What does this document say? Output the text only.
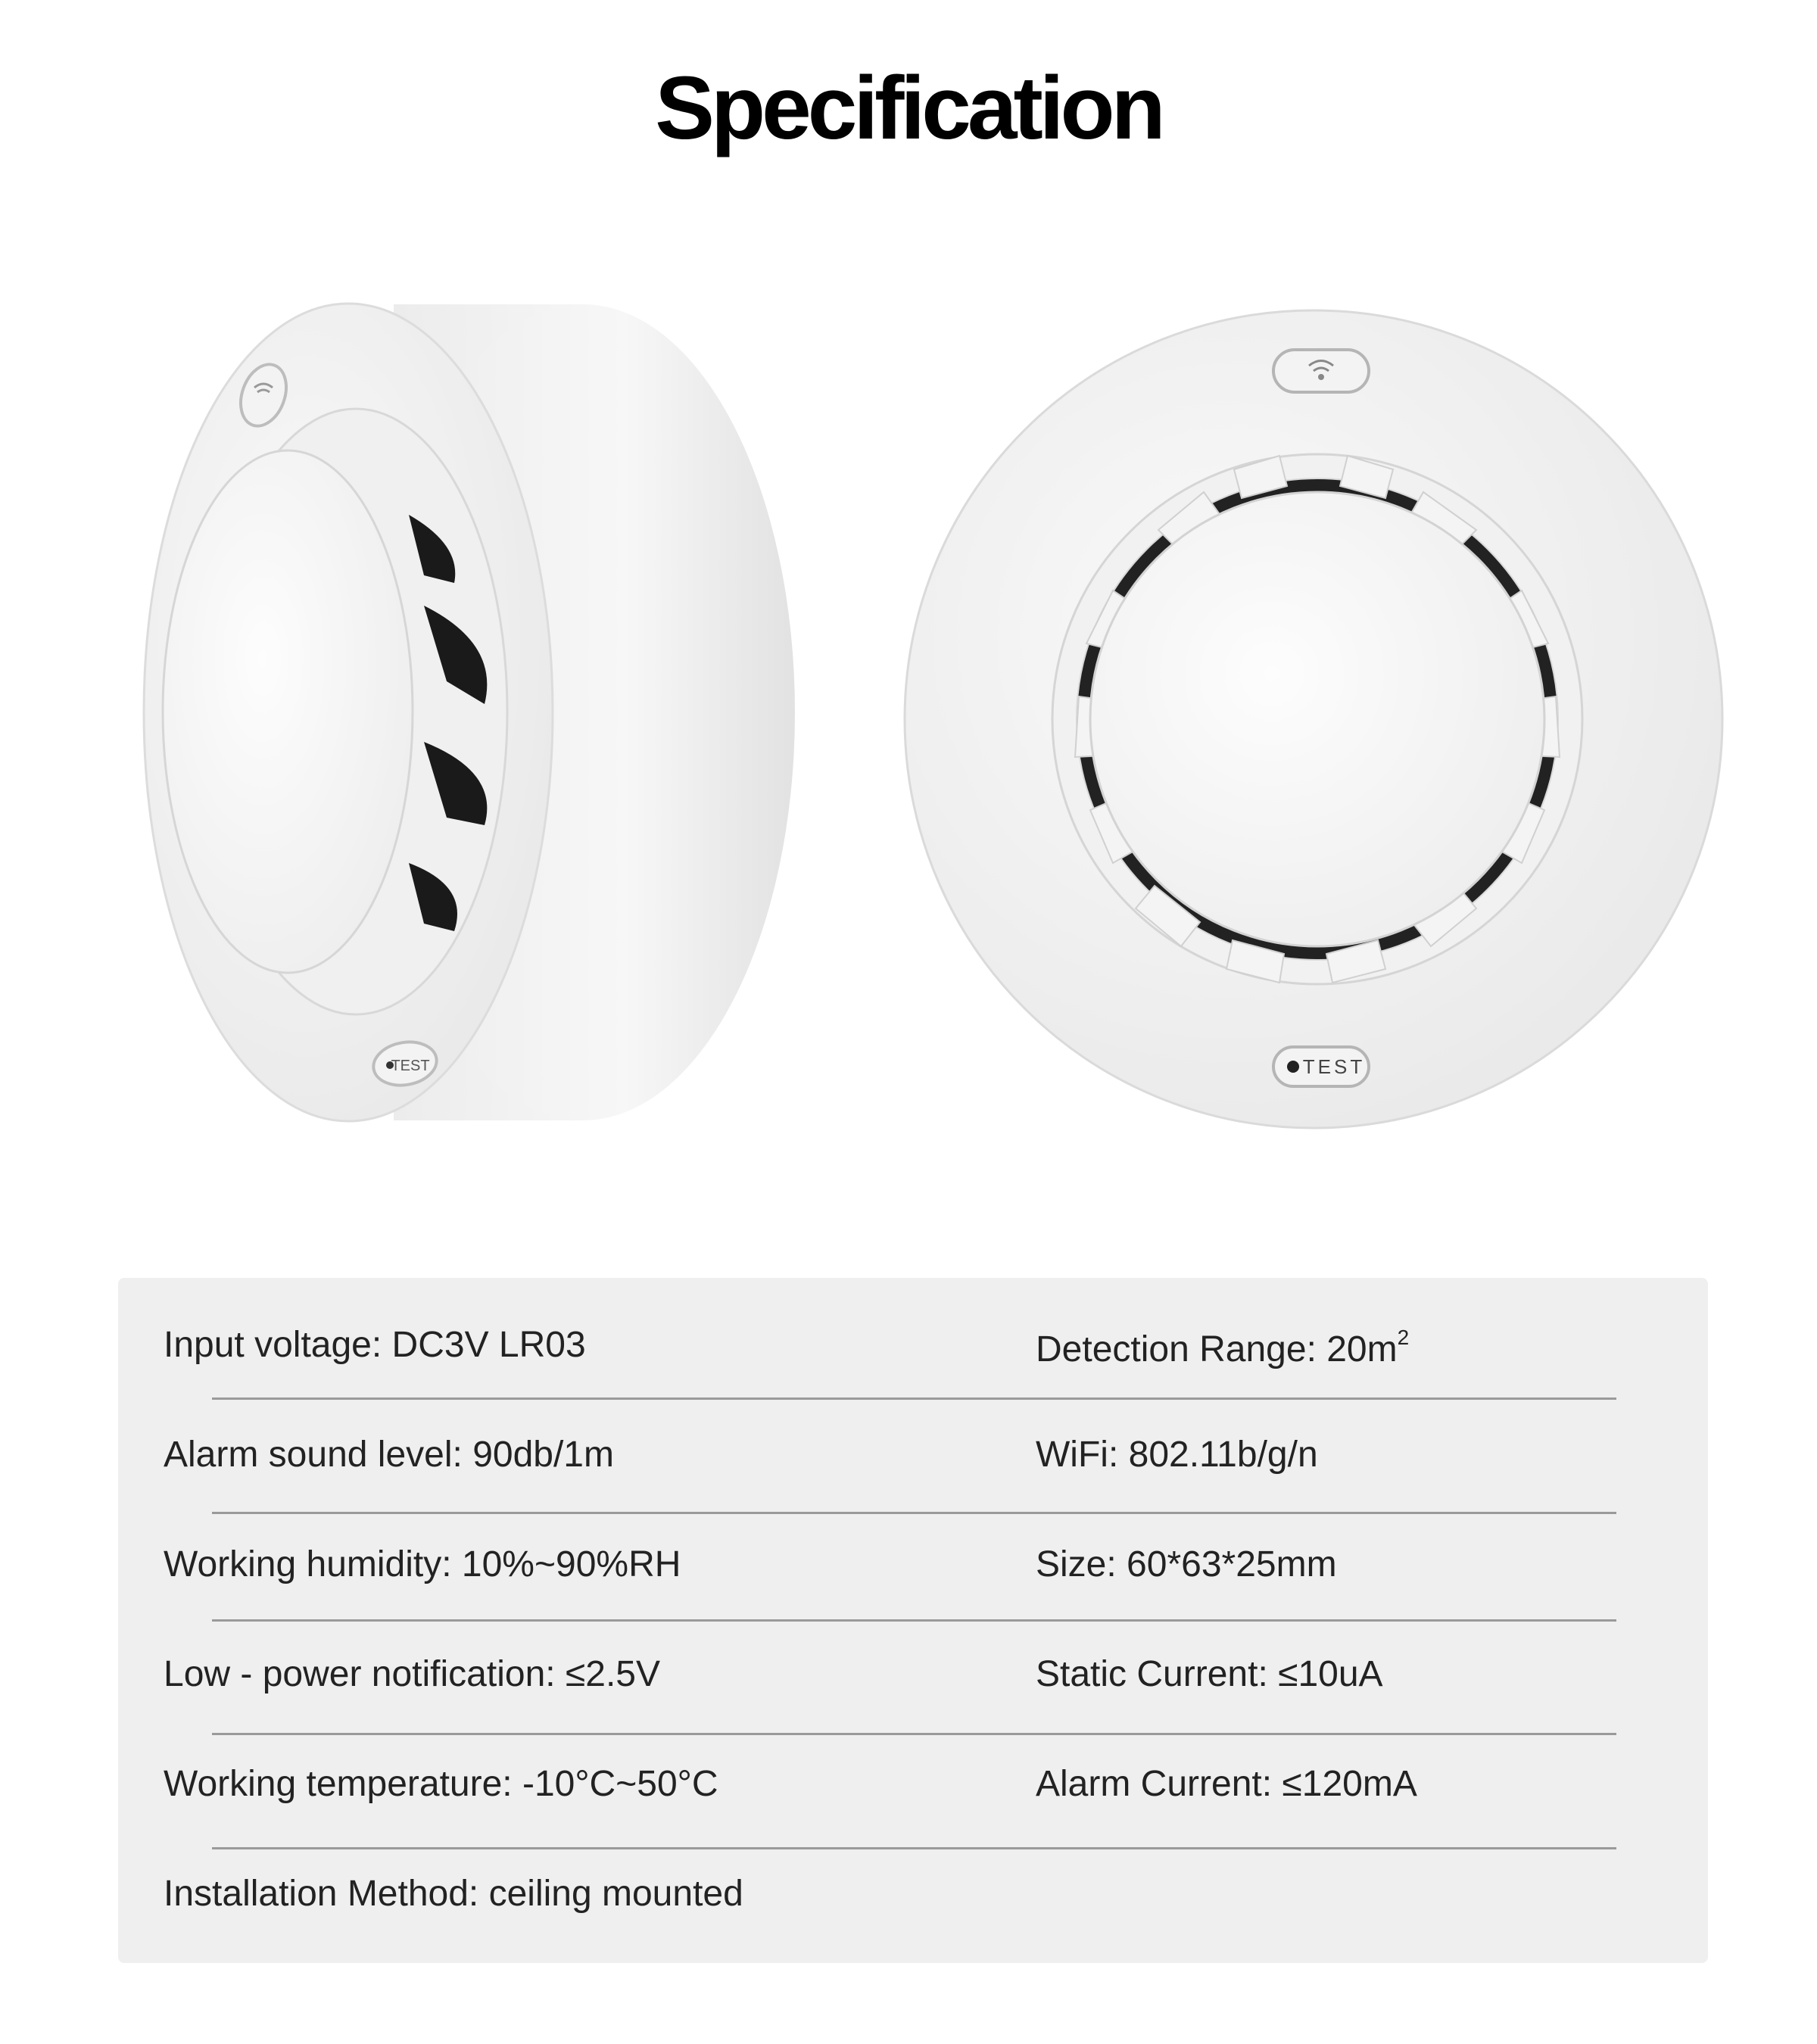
Specification
TEST	TEST
Input voltage: DC3V LR03	Detection Range: $20m^2$
Alarm sound level: 90db/1m	WiFi: 802.11b/g/n
Working humidity: 10%~90%RH	Size: 60*63*25mm
Low - power notification: ≤2.5V	Static Current: ≤10uA
Working temperature: -10°C~50°C	Alarm Current: ≤120mA
Installation Method: ceiling mounted
